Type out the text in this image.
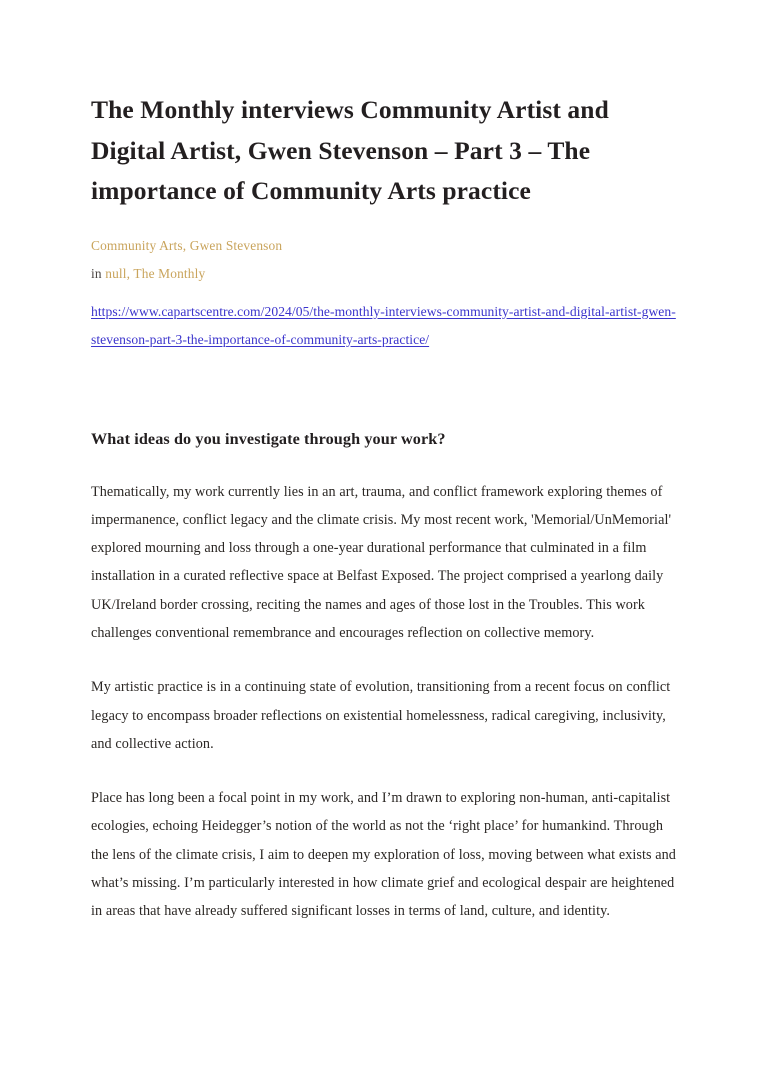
The Monthly interviews Community Artist and Digital Artist, Gwen Stevenson – Part 3 – The importance of Community Arts practice
Community Arts, Gwen Stevenson
in null, The Monthly
https://www.capartscentre.com/2024/05/the-monthly-interviews-community-artist-and-digital-artist-gwen-stevenson-part-3-the-importance-of-community-arts-practice/
What ideas do you investigate through your work?

Thematically, my work currently lies in an art, trauma, and conflict framework exploring themes of impermanence, conflict legacy and the climate crisis. My most recent work, 'Memorial/UnMemorial' explored mourning and loss through a one-year durational performance that culminated in a film installation in a curated reflective space at Belfast Exposed. The project comprised a yearlong daily UK/Ireland border crossing, reciting the names and ages of those lost in the Troubles. This work challenges conventional remembrance and encourages reflection on collective memory.

My artistic practice is in a continuing state of evolution, transitioning from a recent focus on conflict legacy to encompass broader reflections on existential homelessness, radical caregiving, inclusivity, and collective action.

Place has long been a focal point in my work, and I’m drawn to exploring non-human, anti-capitalist ecologies, echoing Heidegger’s notion of the world as not the ‘right place’ for humankind. Through the lens of the climate crisis, I aim to deepen my exploration of loss, moving between what exists and what’s missing. I’m particularly interested in how climate grief and ecological despair are heightened in areas that have already suffered significant losses in terms of land, culture, and identity.
